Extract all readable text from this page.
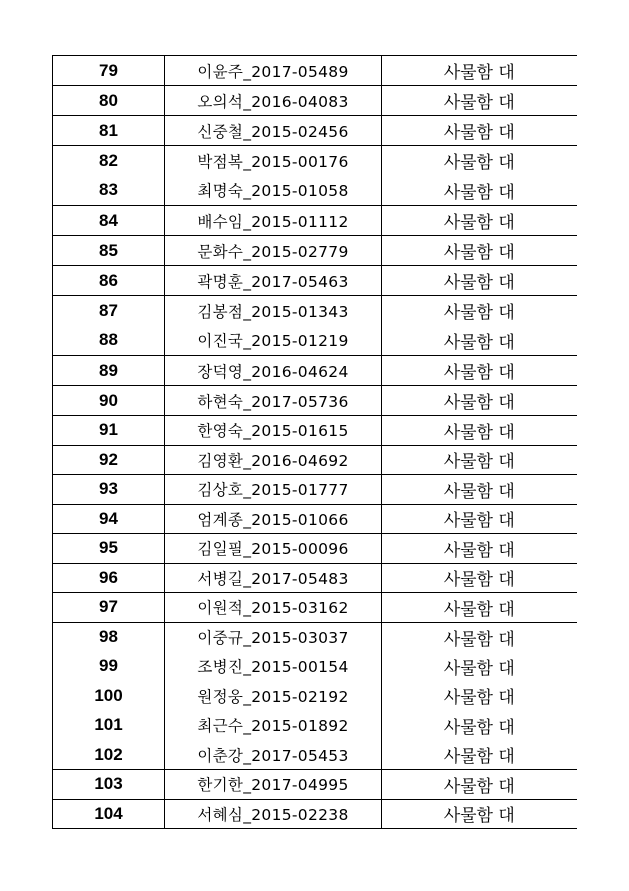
79	이윤주_2017-05489	사물함 대
80	오의석_2016-04083	사물함 대
81	신중철_2015-02456	사물함 대
82	박점복_2015-00176	사물함 대
83	최명숙_2015-01058	사물함 대
84	배수임_2015-01112	사물함 대
85	문화수_2015-02779	사물함 대
86	곽명훈_2017-05463	사물함 대
87	김봉점_2015-01343	사물함 대
88	이진국_2015-01219	사물함 대
89	장덕영_2016-04624	사물함 대
90	하현숙_2017-05736	사물함 대
91	한영숙_2015-01615	사물함 대
92	김영환_2016-04692	사물함 대
93	김상호_2015-01777	사물함 대
94	엄계종_2015-01066	사물함 대
95	김일필_2015-00096	사물함 대
96	서병길_2017-05483	사물함 대
97	이원적_2015-03162	사물함 대
98	이중규_2015-03037	사물함 대
99	조병진_2015-00154	사물함 대
100	원정웅_2015-02192	사물함 대
101	최근수_2015-01892	사물함 대
102	이춘강_2017-05453	사물함 대
103	한기한_2017-04995	사물함 대
104	서혜심_2015-02238	사물함 대
